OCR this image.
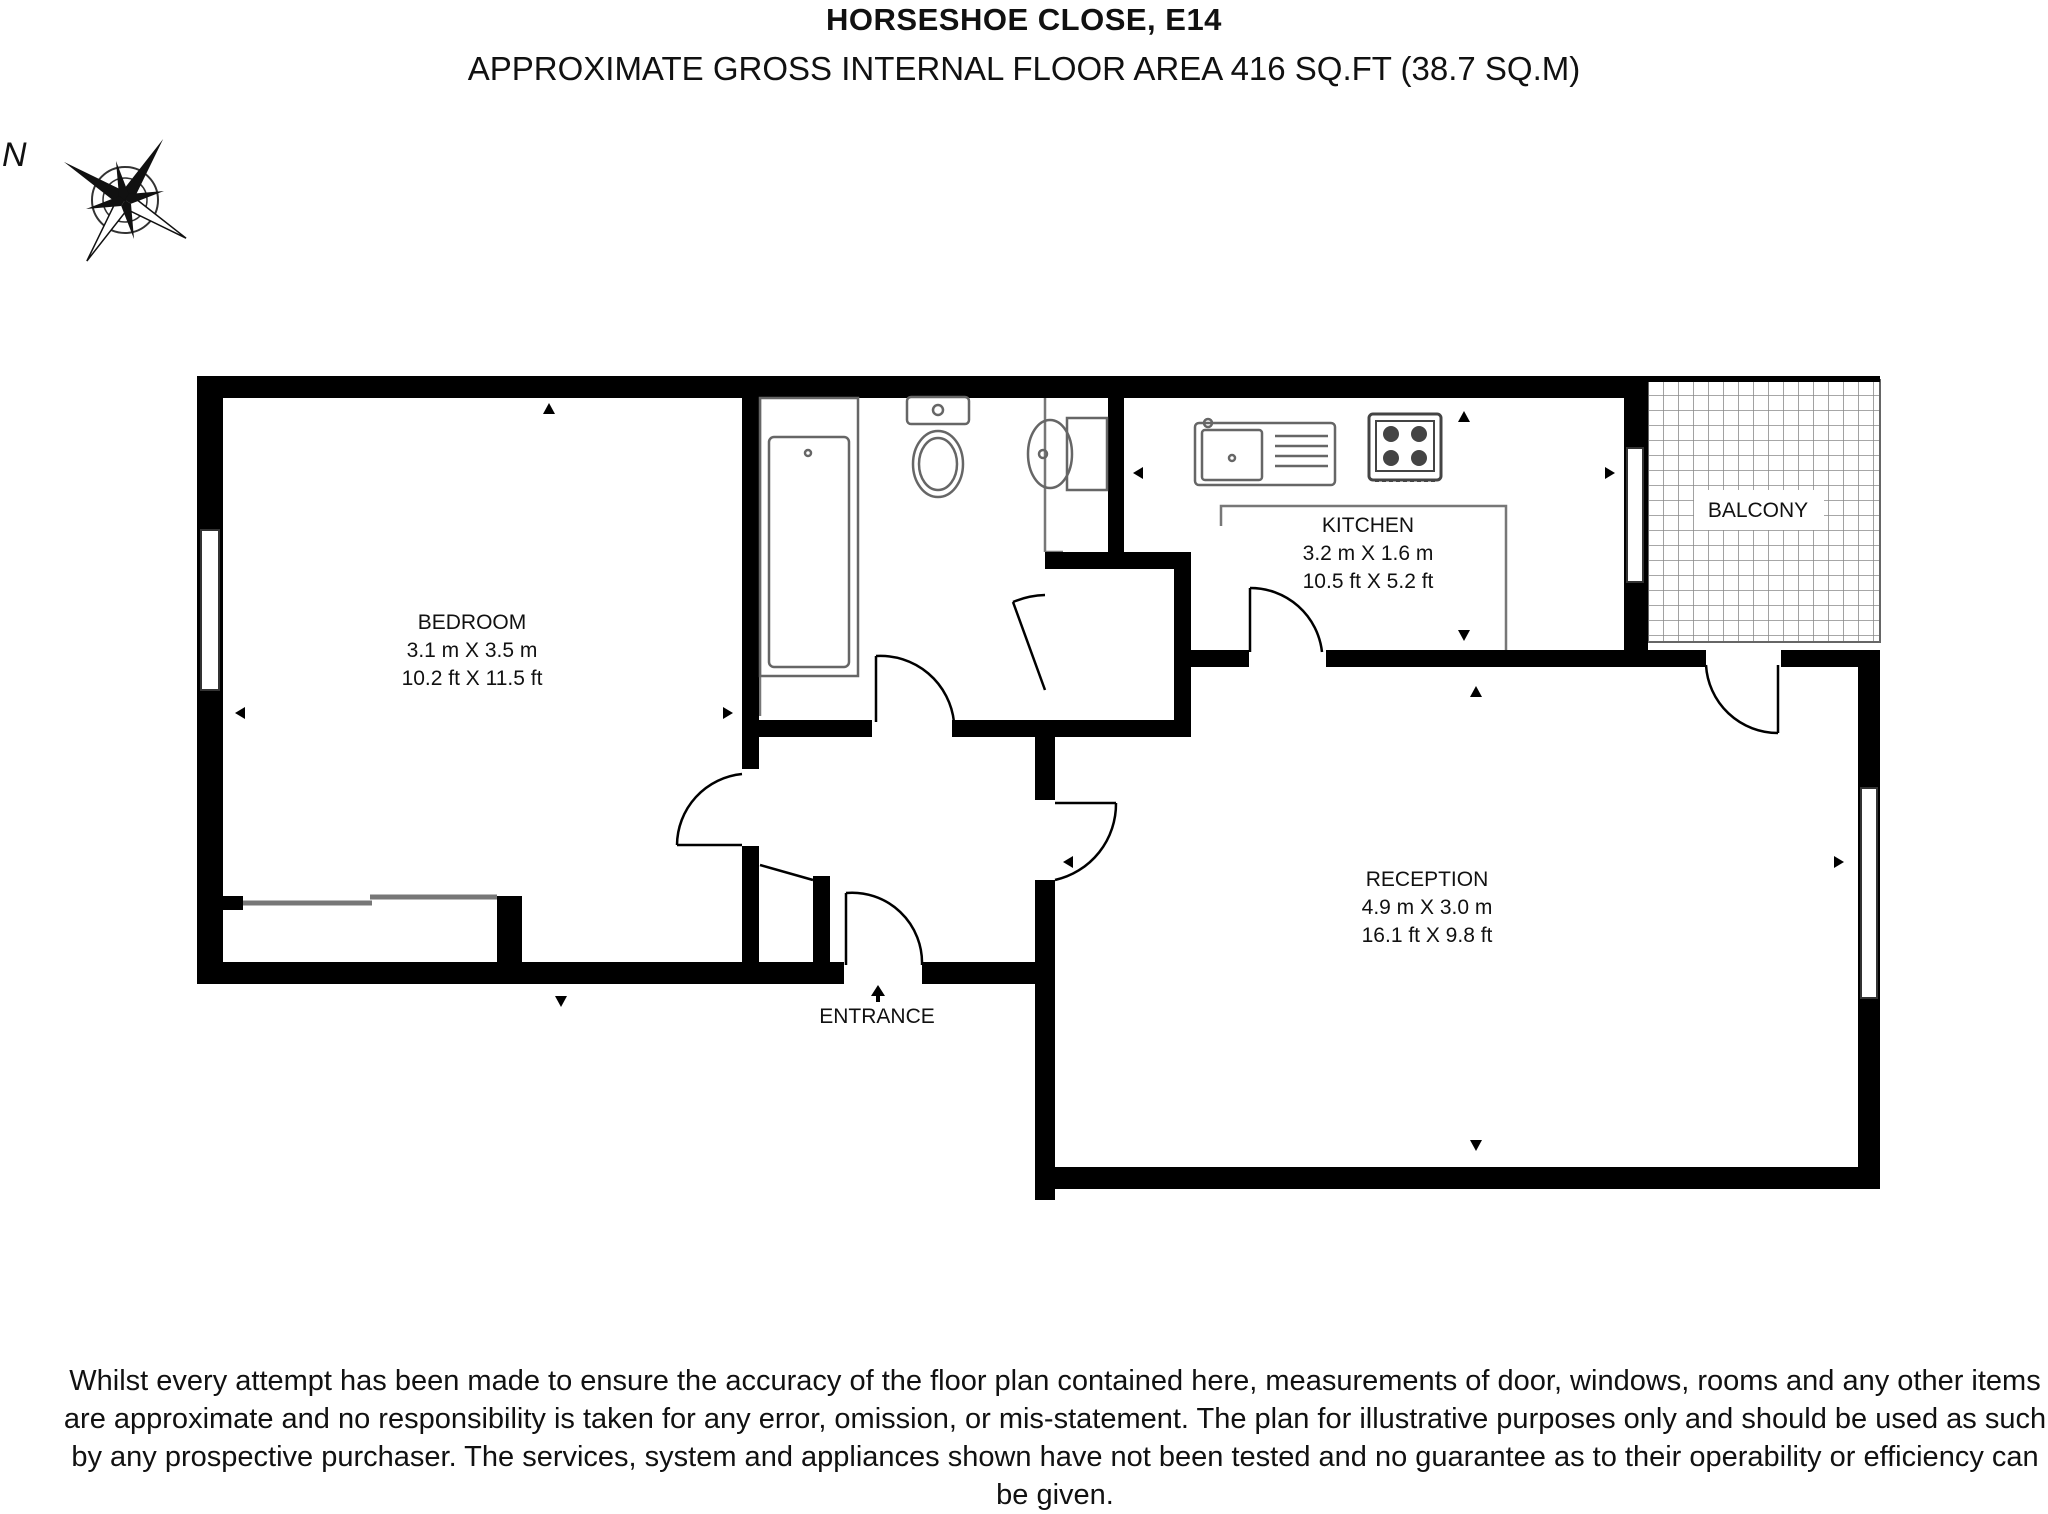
HORSESHOE CLOSE, E14
APPROXIMATE GROSS INTERNAL FLOOR AREA 416 SQ.FT (38.7 SQ.M)
N
BEDROOM
3.1 m X 3.5 m
10.2 ft X 11.5 ft
KITCHEN
3.2 m X 1.6 m
10.5 ft X 5.2 ft
RECEPTION
4.9 m X 3.0 m
16.1 ft X 9.8 ft
BALCONY
ENTRANCE
Whilst every attempt has been made to ensure the accuracy of the floor plan contained here, measurements of door, windows, rooms and any other items are approximate and no responsibility is taken for any error, omission, or mis-statement. The plan for illustrative purposes only and should be used as such by any prospective purchaser. The services, system and appliances shown have not been tested and no guarantee as to their operability or efficiency can be given.
